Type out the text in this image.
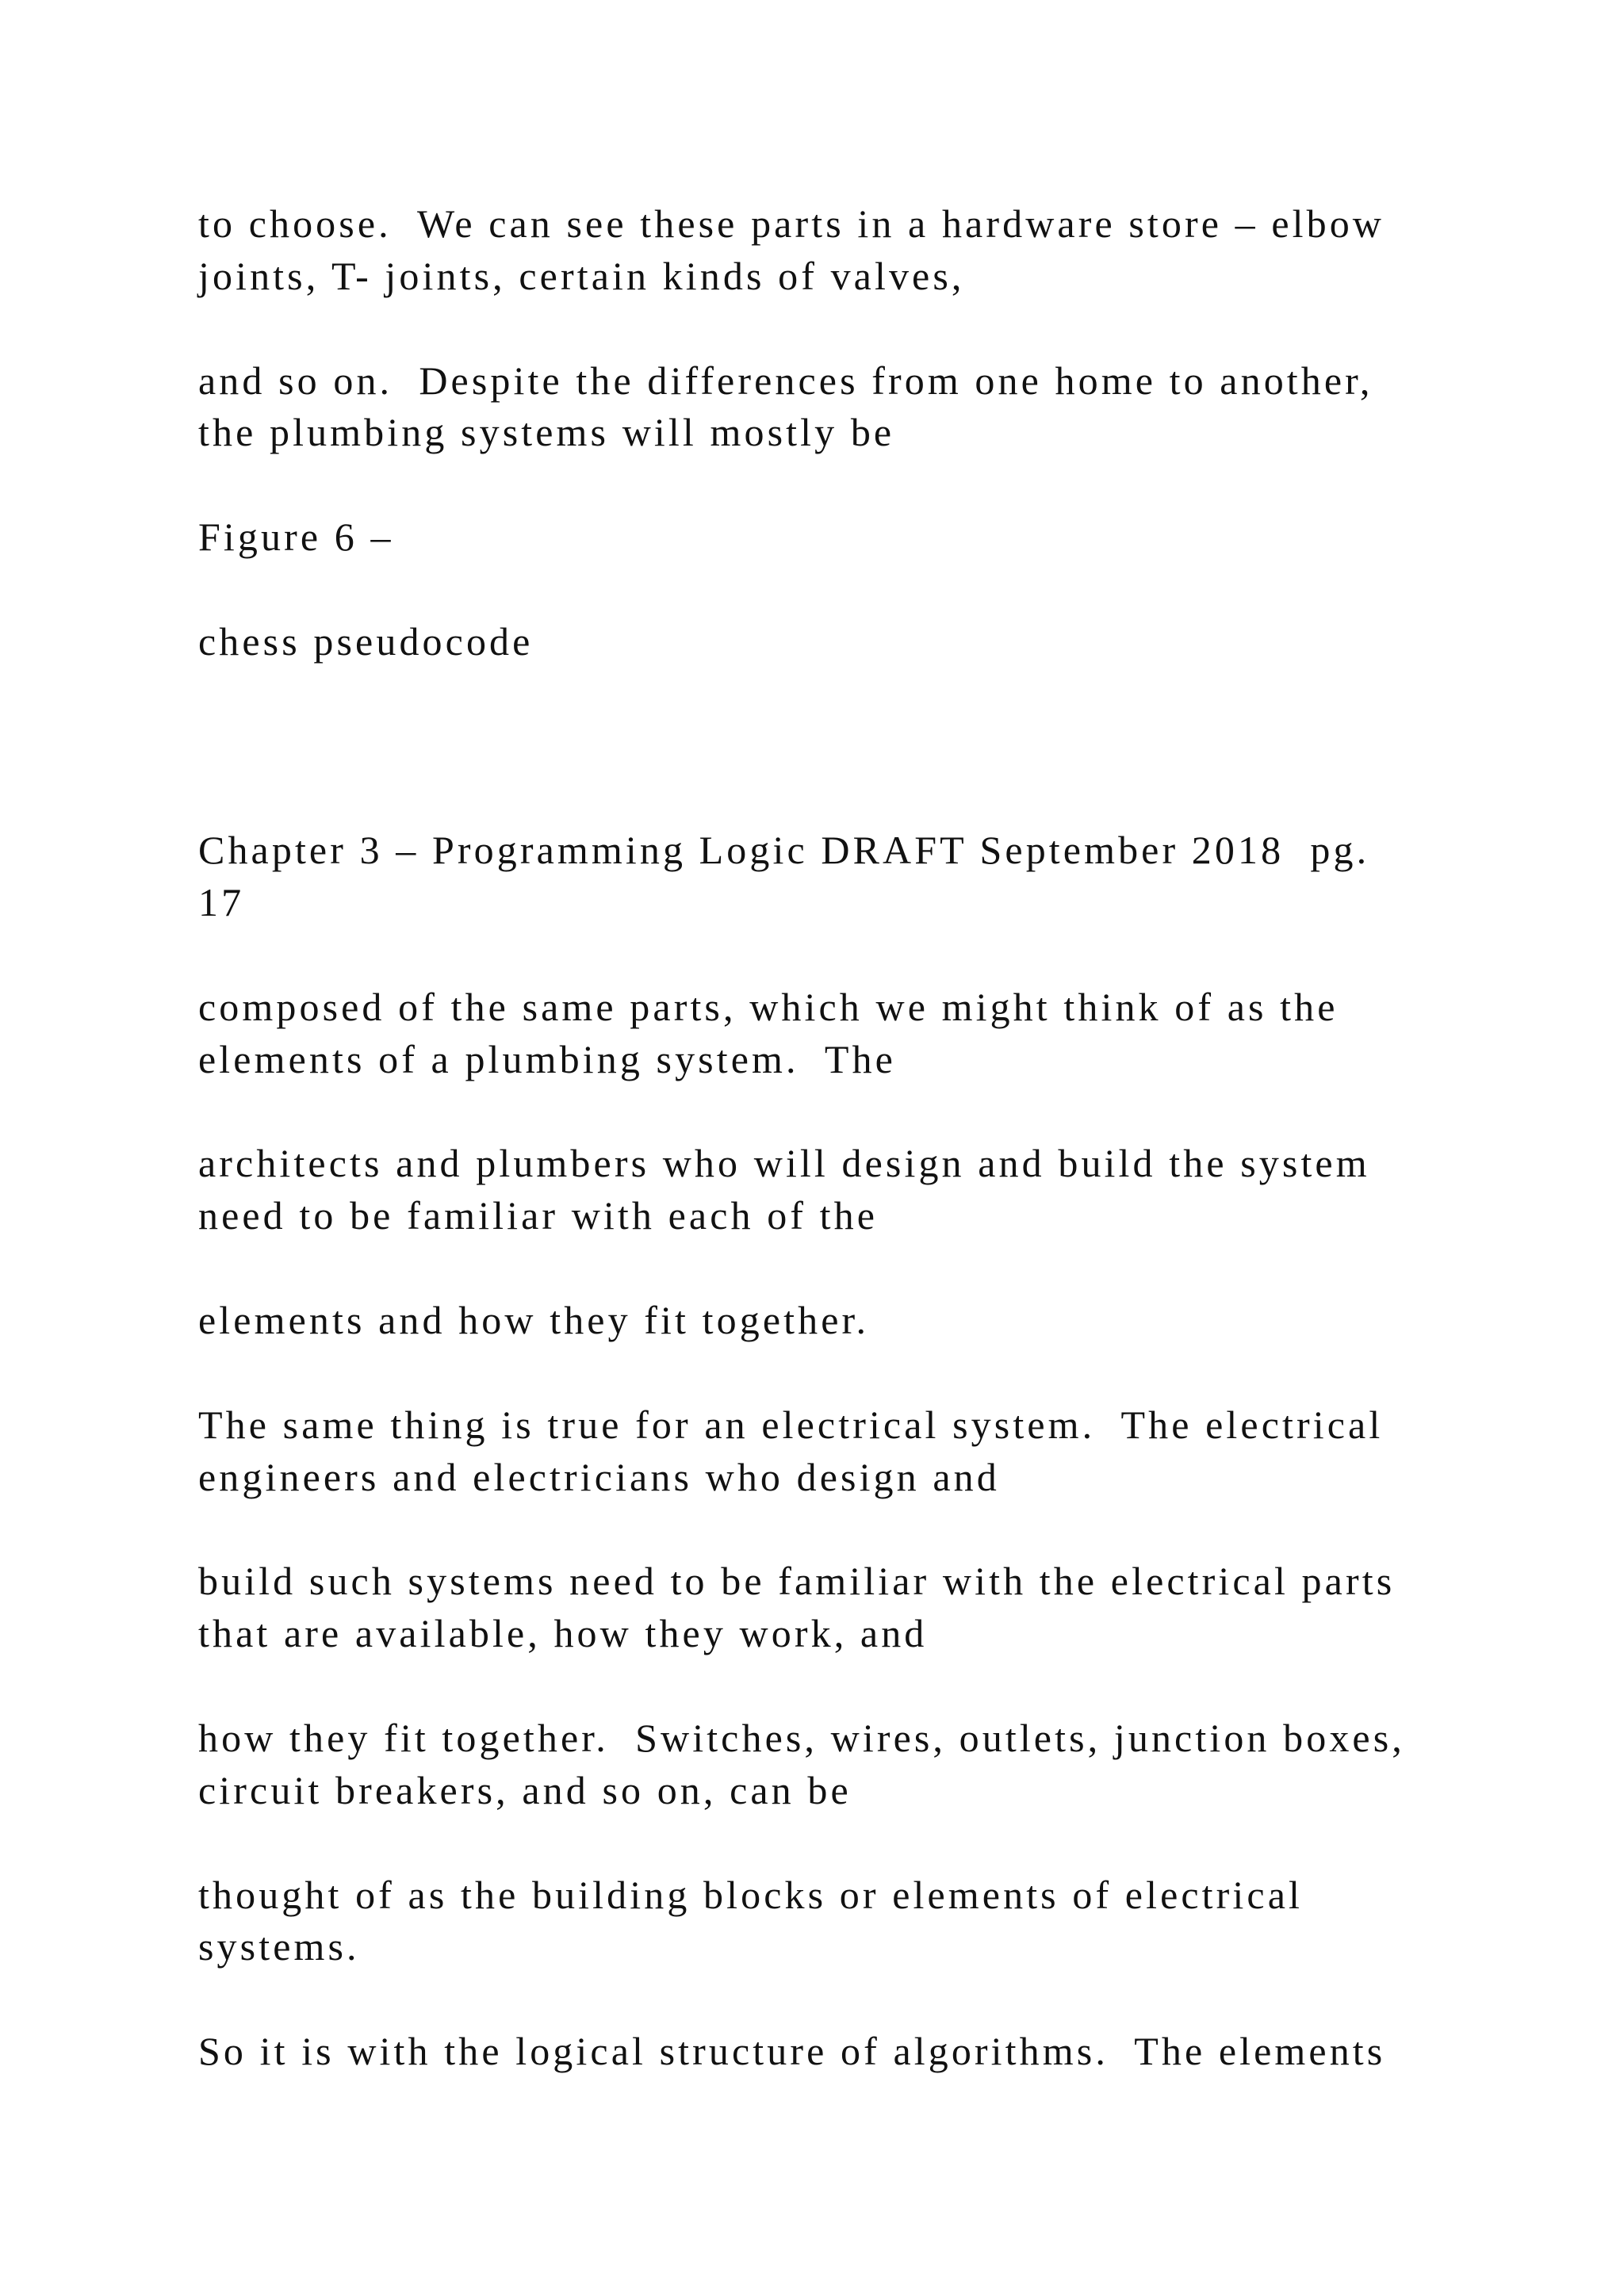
to choose.  We can see these parts in a hardware store – elbow
joints, T- joints, certain kinds of valves,

and so on.  Despite the differences from one home to another,
the plumbing systems will mostly be

Figure 6 –

chess pseudocode

Chapter 3 – Programming Logic DRAFT September 2018  pg.
17

composed of the same parts, which we might think of as the
elements of a plumbing system.  The

architects and plumbers who will design and build the system
need to be familiar with each of the

elements and how they fit together.

The same thing is true for an electrical system.  The electrical
engineers and electricians who design and

build such systems need to be familiar with the electrical parts
that are available, how they work, and

how they fit together.  Switches, wires, outlets, junction boxes,
circuit breakers, and so on, can be

thought of as the building blocks or elements of electrical
systems.

So it is with the logical structure of algorithms.  The elements
